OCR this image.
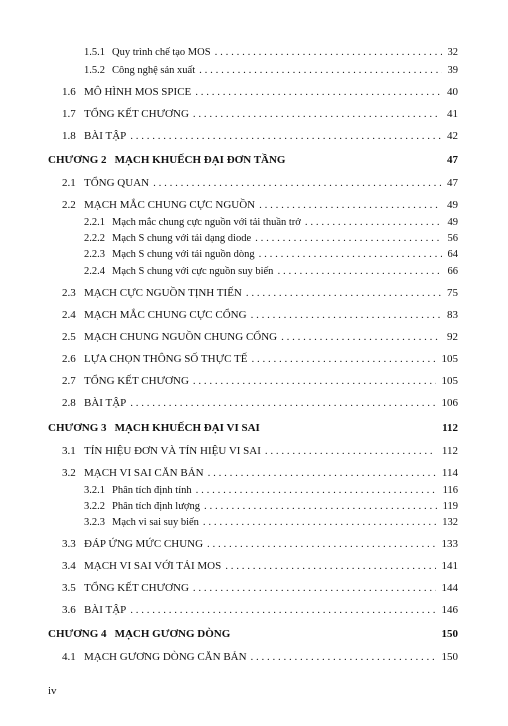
1.5.1 Quy trình chế tạo MOS . . .	32
1.5.2 Công nghệ sản xuất . . .	39
1.6 MÔ HÌNH MOS SPICE . . .	40
1.7 TỔNG KẾT CHƯƠNG . . .	41
1.8 BÀI TẬP . . .	42
CHƯƠNG 2 MẠCH KHUẾCH ĐẠI ĐƠN TẦNG	47
2.1 TỔNG QUAN . . .	47
2.2 MẠCH MẮC CHUNG CỰC NGUỒN . . .	49
2.2.1 Mạch mắc chung cực nguồn với tải thuần trở . . .	49
2.2.2 Mạch S chung với tải dạng diode . . .	56
2.2.3 Mạch S chung với tải nguồn dòng . . .	64
2.2.4 Mạch S chung với cực nguồn suy biến . . .	66
2.3 MẠCH CỰC NGUỒN TỊNH TIẾN . . .	75
2.4 MẠCH MẮC CHUNG CỰC CỔNG . . .	83
2.5 MẠCH CHUNG NGUỒN CHUNG CỔNG . . .	92
2.6 LỰA CHỌN THÔNG SỐ THỰC TẾ . . .	105
2.7 TỔNG KẾT CHƯƠNG . . .	105
2.8 BÀI TẬP . . .	106
CHƯƠNG 3 MẠCH KHUẾCH ĐẠI VI SAI	112
3.1 TÍN HIỆU ĐƠN VÀ TÍN HIỆU VI SAI . . .	112
3.2 MẠCH VI SAI CĂN BẢN . . .	114
3.2.1 Phân tích định tính . . .	116
3.2.2 Phân tích định lượng . . .	119
3.2.3 Mạch vi sai suy biến . . .	132
3.3 ĐÁP ỨNG MỨC CHUNG . . .	133
3.4 MẠCH VI SAI VỚI TẢI MOS . . .	141
3.5 TỔNG KẾT CHƯƠNG . . .	144
3.6 BÀI TẬP . . .	146
CHƯƠNG 4 MẠCH GƯƠNG DÒNG	150
4.1 MẠCH GƯƠNG DÒNG CĂN BẢN . . .	150
iv
